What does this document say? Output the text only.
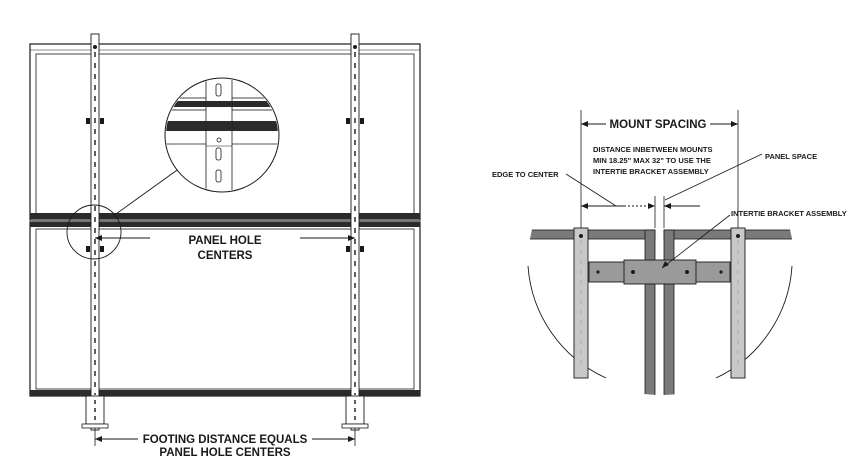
PANEL HOLE
CENTERS
FOOTING DISTANCE EQUALS
PANEL HOLE CENTERS
MOUNT SPACING
DISTANCE INBETWEEN MOUNTS
MIN 18.25" MAX 32" TO USE THE
INTERTIE BRACKET ASSEMBLY
EDGE TO CENTER
PANEL SPACE
INTERTIE BRACKET ASSEMBLY
